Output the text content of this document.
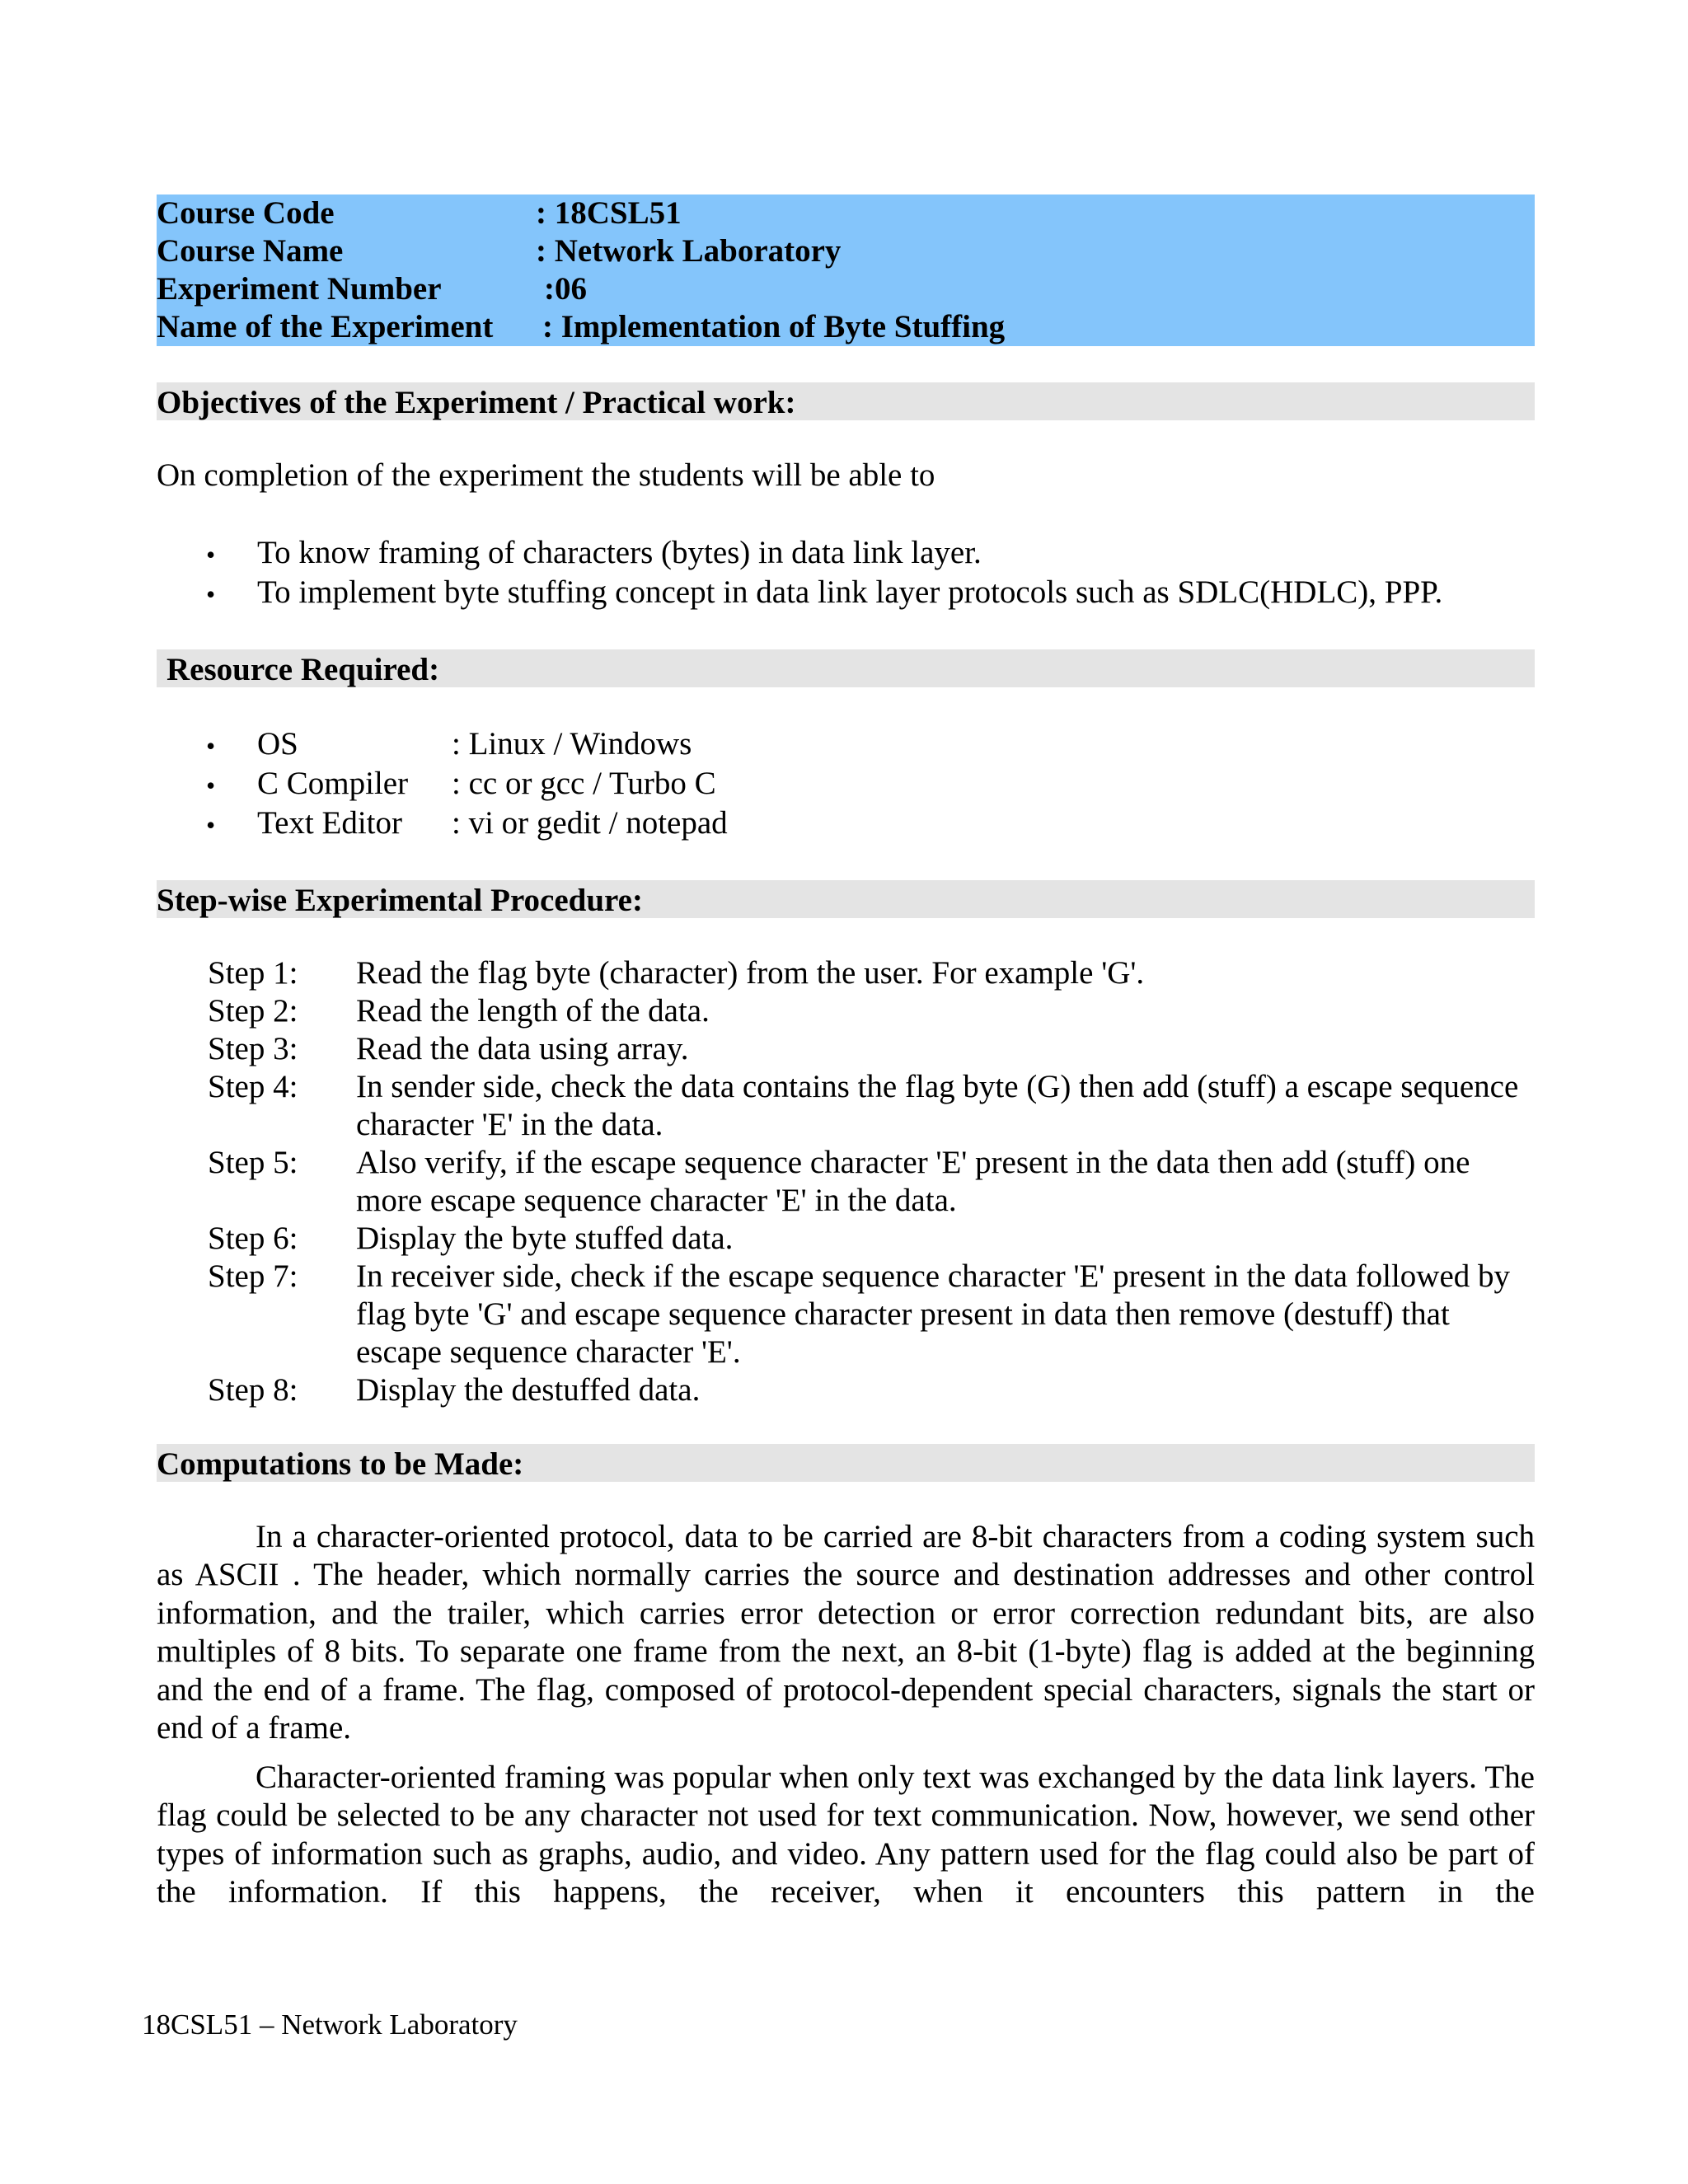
Course Code	: 18CSL51
Course Name	: Network Laboratory
Experiment Number	:06
Name of the Experiment : Implementation of Byte Stuffing
Objectives of the Experiment / Practical work:
On completion of the experiment the students will be able to
• To know framing of characters (bytes) in data link layer.
• To implement byte stuffing concept in data link layer protocols such as SDLC(HDLC), PPP.
Resource Required:
• OS	: Linux / Windows
• C Compiler : cc or gcc / Turbo C
• Text Editor : vi or gedit / notepad
Step-wise Experimental Procedure:
Step 1: Read the flag byte (character) from the user. For example 'G'.
Step 2: Read the length of the data.
Step 3: Read the data using array.
Step 4: In sender side, check the data contains the flag byte (G) then add (stuff) a escape sequence character 'E' in the data.
Step 5: Also verify, if the escape sequence character 'E' present in the data then add (stuff) one more escape sequence character 'E' in the data.
Step 6: Display the byte stuffed data.
Step 7: In receiver side, check if the escape sequence character 'E' present in the data followed by flag byte 'G' and escape sequence character present in data then remove (destuff) that escape sequence character 'E'.
Step 8: Display the destuffed data.
Computations to be Made:
In a character-oriented protocol, data to be carried are 8-bit characters from a coding system such as ASCII . The header, which normally carries the source and destination addresses and other control information, and the trailer, which carries error detection or error correction redundant bits, are also multiples of 8 bits. To separate one frame from the next, an 8-bit (1-byte) flag is added at the beginning and the end of a frame. The flag, composed of protocol-dependent special characters, signals the start or end of a frame.
Character-oriented framing was popular when only text was exchanged by the data link layers. The flag could be selected to be any character not used for text communication. Now, however, we send other types of information such as graphs, audio, and video. Any pattern used for the flag could also be part of the information. If this happens, the receiver, when it encounters this pattern in the
18CSL51 – Network Laboratory
